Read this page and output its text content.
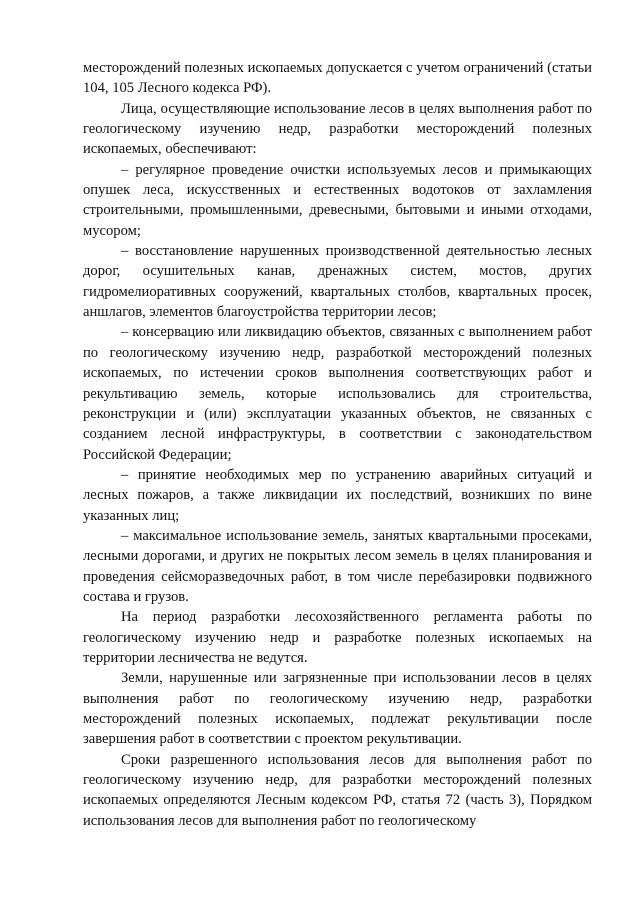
месторождений полезных ископаемых допускается с учетом ограничений (статьи 104, 105 Лесного кодекса РФ).

Лица, осуществляющие использование лесов в целях выполнения работ по геологическому изучению недр, разработки месторождений полезных ископаемых, обеспечивают:

– регулярное проведение очистки используемых лесов и примыкающих опушек леса, искусственных и естественных водотоков от захламления строительными, промышленными, древесными, бытовыми и иными отходами, мусором;

– восстановление нарушенных производственной деятельностью лесных дорог, осушительных канав, дренажных систем, мостов, других гидромелиоративных сооружений, квартальных столбов, квартальных просек, аншлагов, элементов благоустройства территории лесов;

– консервацию или ликвидацию объектов, связанных с выполнением работ по геологическому изучению недр, разработкой месторождений полезных ископаемых, по истечении сроков выполнения соответствующих работ и рекультивацию земель, которые использовались для строительства, реконструкции и (или) эксплуатации указанных объектов, не связанных с созданием лесной инфраструктуры, в соответствии с законодательством Российской Федерации;

– принятие необходимых мер по устранению аварийных ситуаций и лесных пожаров, а также ликвидации их последствий, возникших по вине указанных лиц;

– максимальное использование земель, занятых квартальными просеками, лесными дорогами, и других не покрытых лесом земель в целях планирования и проведения сейсморазведочных работ, в том числе перебазировки подвижного состава и грузов.

На период разработки лесохозяйственного регламента работы по геологическому изучению недр и разработке полезных ископаемых на территории лесничества не ведутся.

Земли, нарушенные или загрязненные при использовании лесов в целях выполнения работ по геологическому изучению недр, разработки месторождений полезных ископаемых, подлежат рекультивации после завершения работ в соответствии с проектом рекультивации.

Сроки разрешенного использования лесов для выполнения работ по геологическому изучению недр, для разработки месторождений полезных ископаемых определяются Лесным кодексом РФ, статья 72 (часть 3), Порядком использования лесов для выполнения работ по геологическому
